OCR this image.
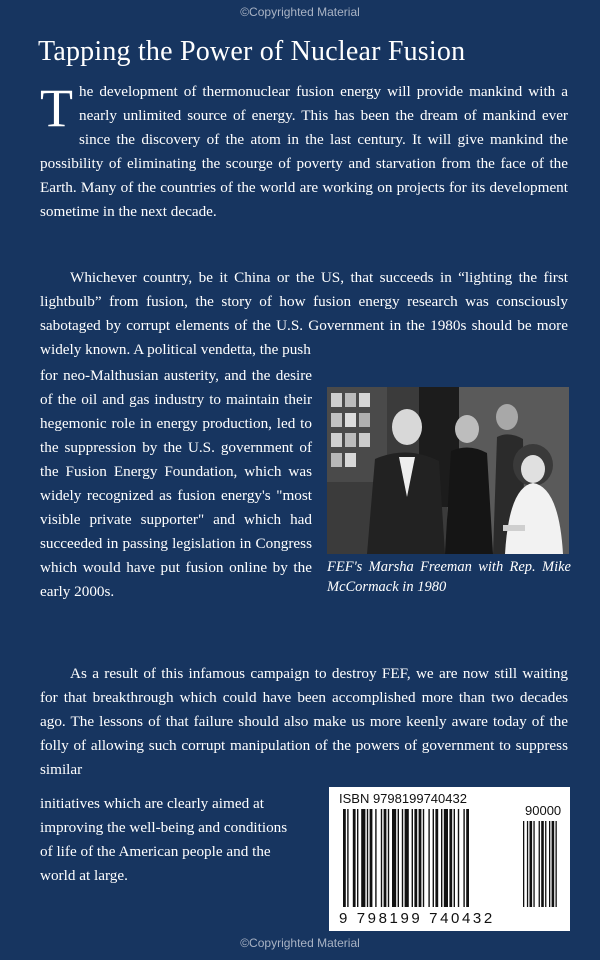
©Copyrighted Material
Tapping the Power of Nuclear Fusion

The development of thermonuclear fusion energy will provide mankind with a nearly unlimited source of energy. This has been the dream of mankind ever since the discovery of the atom in the last century. It will give mankind the possibility of eliminating the scourge of poverty and starvation from the face of the Earth. Many of the countries of the world are working on projects for its development sometime in the next decade.

Whichever country, be it China or the US, that succeeds in “lighting the first lightbulb” from fusion, the story of how fusion energy research was consciously sabotaged by corrupt elements of the U.S. Government in the 1980s should be more widely known. A political vendetta, the push

for neo-Malthusian austerity, and the desire of the oil and gas industry to maintain their hegemonic role in energy production, led to the suppression by the U.S. government of the Fusion Energy Foundation, which was widely recognized as fusion energy's "most visible private supporter" and which had succeeded in passing legislation in Congress which would have put fusion online by the early 2000s.

FEF's Marsha Freeman with Rep. Mike McCormack in 1980

As a result of this infamous campaign to destroy FEF, we are now still waiting for that breakthrough which could have been accomplished more than two decades ago. The lessons of that failure should also make us more keenly aware today of the folly of allowing such corrupt manipulation of the powers of government to suppress similar

initiatives which are clearly aimed at improving the well-being and conditions of life of the American people and the world at large.

ISBN 9798199740432
90000
9 798199 740432
©Copyrighted Material
